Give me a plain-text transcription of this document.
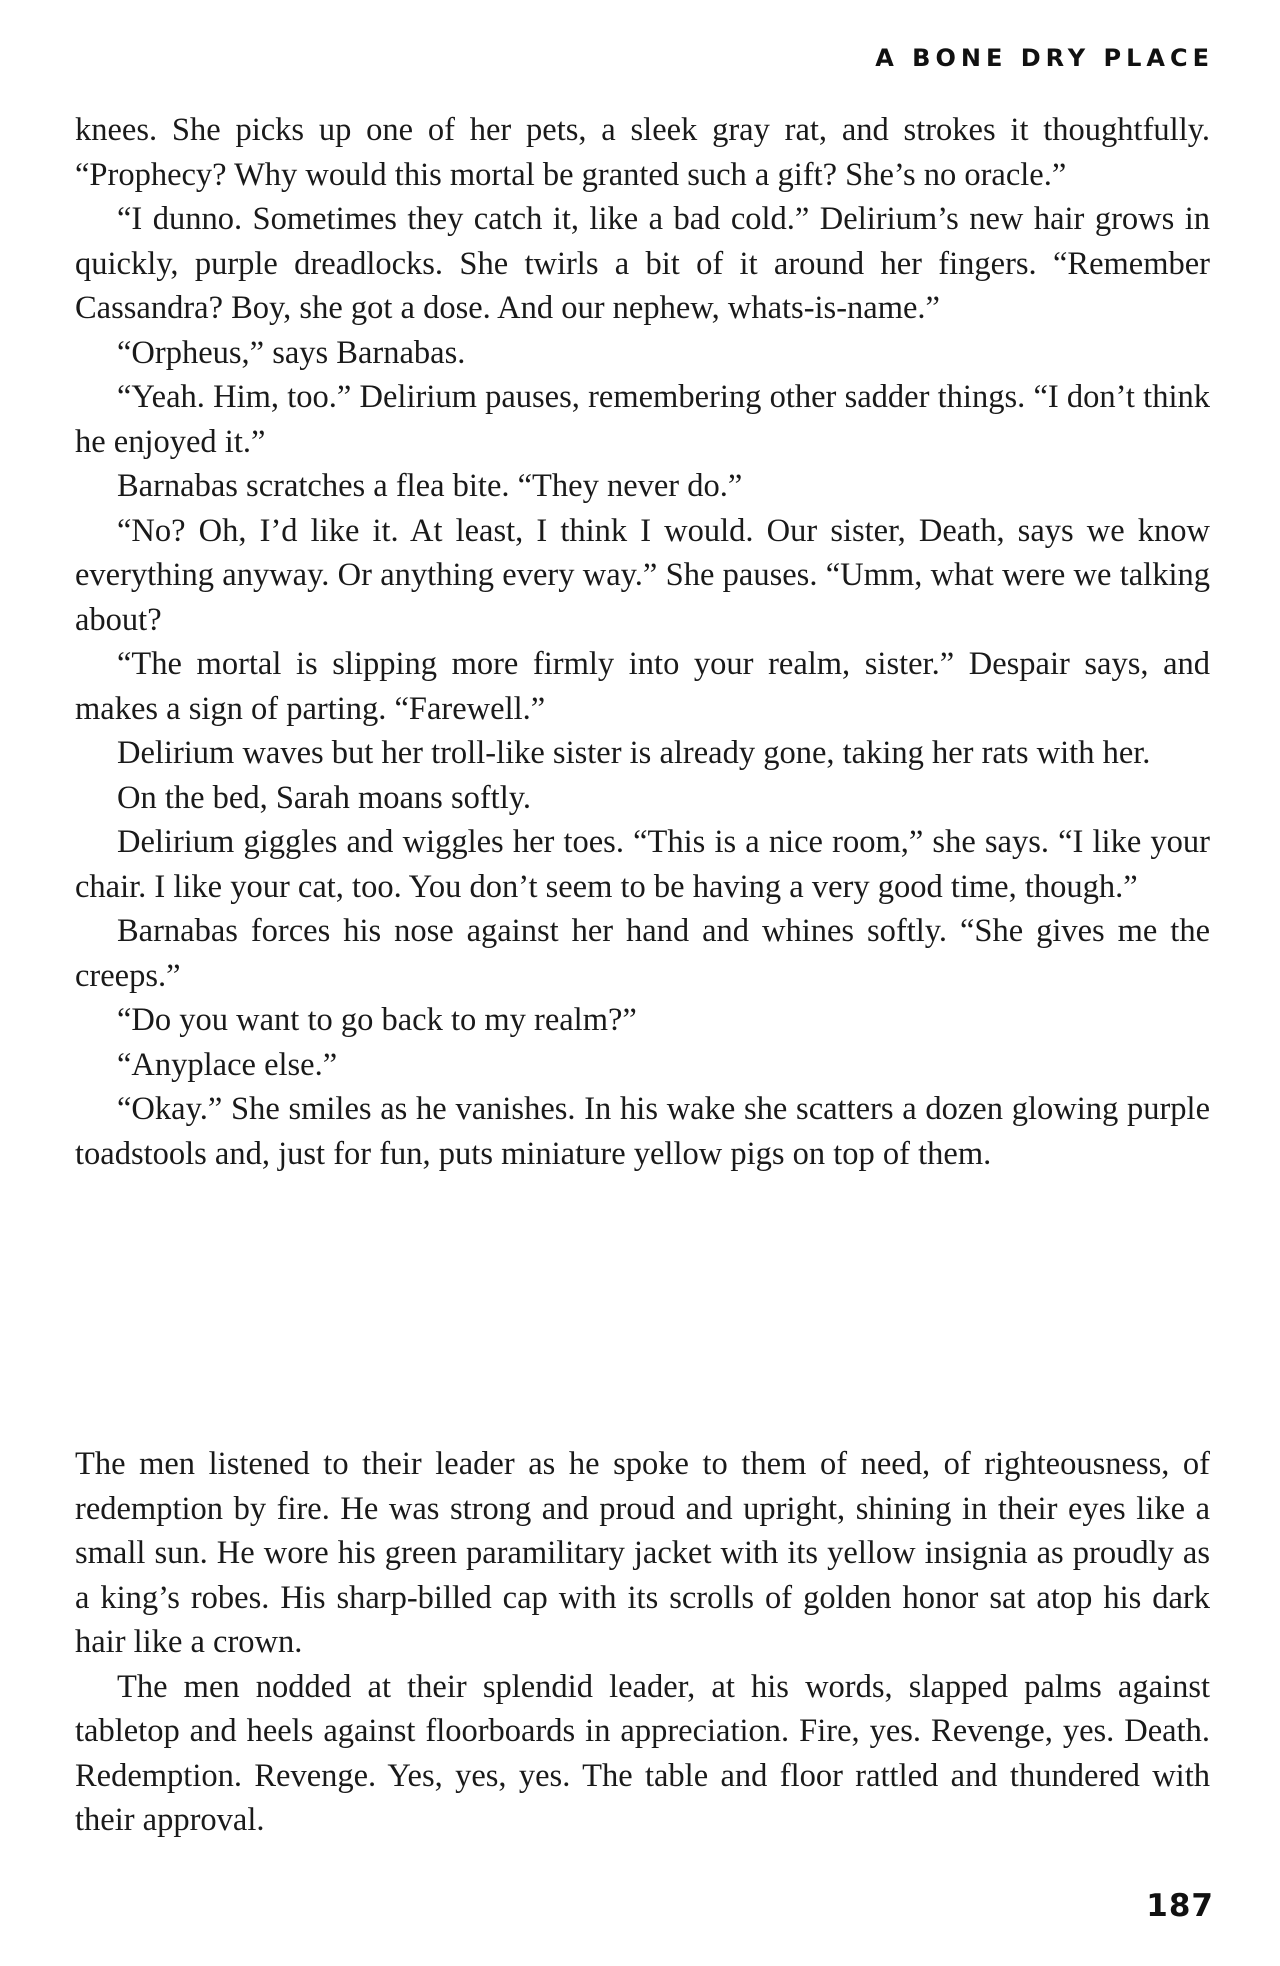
A BONE DRY PLACE

knees. She picks up one of her pets, a sleek gray rat, and strokes it thoughtfully. “Prophecy? Why would this mortal be granted such a gift? She’s no oracle.”

“I dunno. Sometimes they catch it, like a bad cold.” Delirium’s new hair grows in quickly, purple dreadlocks. She twirls a bit of it around her fingers. “Remember Cassandra? Boy, she got a dose. And our nephew, whats-is-name.”

“Orpheus,” says Barnabas.

“Yeah. Him, too.” Delirium pauses, remembering other sadder things. “I don’t think he enjoyed it.”

Barnabas scratches a flea bite. “They never do.”

“No? Oh, I’d like it. At least, I think I would. Our sister, Death, says we know everything anyway. Or anything every way.” She pauses. “Umm, what were we talking about?

“The mortal is slipping more firmly into your realm, sister.” Despair says, and makes a sign of parting. “Farewell.”

Delirium waves but her troll-like sister is already gone, taking her rats with her.

On the bed, Sarah moans softly.

Delirium giggles and wiggles her toes. “This is a nice room,” she says. “I like your chair. I like your cat, too. You don’t seem to be having a very good time, though.”

Barnabas forces his nose against her hand and whines softly. “She gives me the creeps.”

“Do you want to go back to my realm?”

“Anyplace else.”

“Okay.” She smiles as he vanishes. In his wake she scatters a dozen glowing purple toadstools and, just for fun, puts miniature yellow pigs on top of them.

The men listened to their leader as he spoke to them of need, of righteousness, of redemption by fire. He was strong and proud and upright, shining in their eyes like a small sun. He wore his green paramilitary jacket with its yellow insignia as proudly as a king’s robes. His sharp-billed cap with its scrolls of golden honor sat atop his dark hair like a crown.

The men nodded at their splendid leader, at his words, slapped palms against tabletop and heels against floorboards in appreciation. Fire, yes. Revenge, yes. Death. Redemption. Revenge. Yes, yes, yes. The table and floor rattled and thundered with their approval.

187
